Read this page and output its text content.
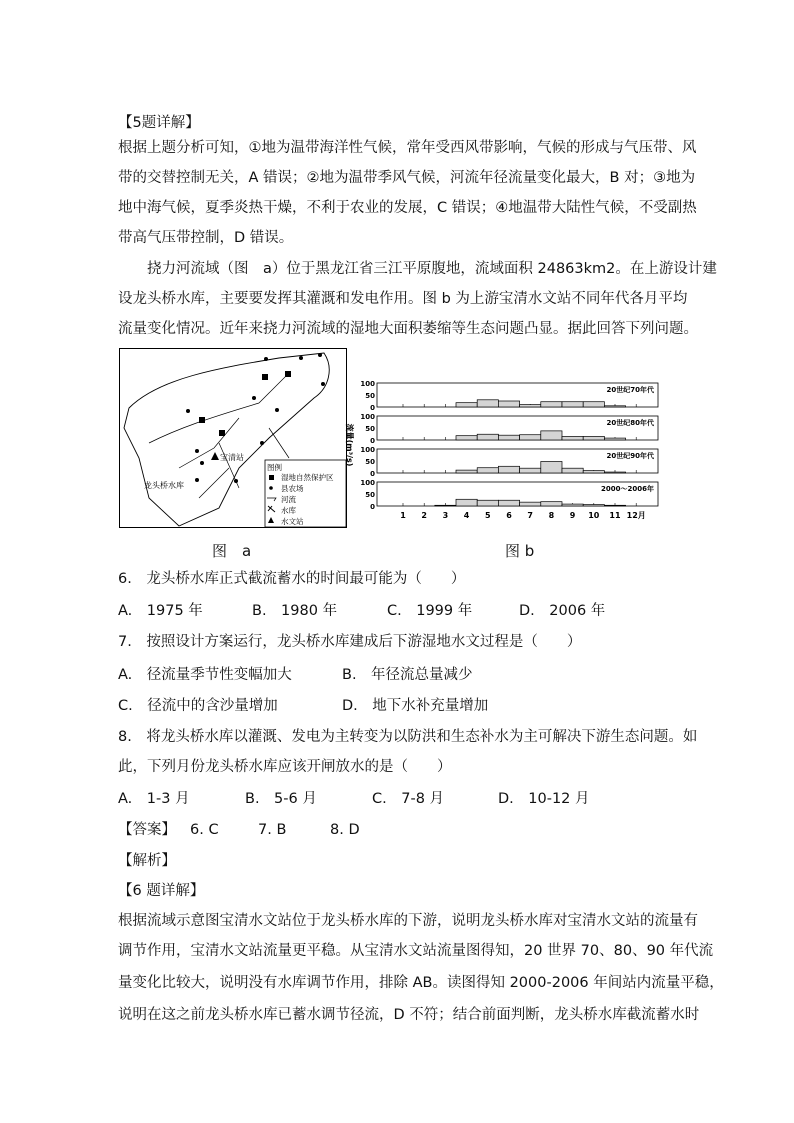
【5题详解】
根据上题分析可知，①地为温带海洋性气候，常年受西风带影响，气候的形成与气压带、风
带的交替控制无关，A 错误；②地为温带季风气候，河流年径流量变化最大，B 对；③地为
地中海气候，夏季炎热干燥，不利于农业的发展，C 错误；④地温带大陆性气候，不受副热
带高气压带控制，D 错误。
挠力河流域（图　a）位于黑龙江省三江平原腹地，流域面积 24863km2。在上游设计建
设龙头桥水库，主要要发挥其灌溉和发电作用。图 b 为上游宝清水文站不同年代各月平均
流量变化情况。近年来挠力河流域的湿地大面积萎缩等生态问题凸显。据此回答下列问题。
宝清站
龙头桥水库
图例
湿地自然保护区
县农场
河流
水库
水文站
100
50
0
20世纪70年代
100
50
0
20世纪80年代
100
50
0
20世纪90年代
100
50
0
2000～2006年
1 2 3 4 5 6 7 8 9 10 11 12月
流量(m³/s)
图　a	图 b
6.　龙头桥水库正式截流蓄水的时间最可能为（　　）
A.　1975 年	B.　1980 年	C.　1999 年	D.　2006 年
7.　按照设计方案运行，龙头桥水库建成后下游湿地水文过程是（　　）
A.　径流量季节性变幅加大	B.　年径流总量减少
C.　径流中的含沙量增加	D.　地下水补充量增加
8.　将龙头桥水库以灌溉、发电为主转变为以防洪和生态补水为主可解决下游生态问题。如
此，下列月份龙头桥水库应该开闸放水的是（　　）
A.　1-3 月	B.　5-6 月	C.　7-8 月	D.　10-12 月
【答案】 6. C	7. B	8. D
【解析】
【6 题详解】
根据流域示意图宝清水文站位于龙头桥水库的下游，说明龙头桥水库对宝清水文站的流量有
调节作用，宝清水文站流量更平稳。从宝清水文站流量图得知，20 世界 70、80、90 年代流
量变化比较大，说明没有水库调节作用，排除 AB。读图得知 2000-2006 年间站内流量平稳，
说明在这之前龙头桥水库已蓄水调节径流，D 不符；结合前面判断，龙头桥水库截流蓄水时
